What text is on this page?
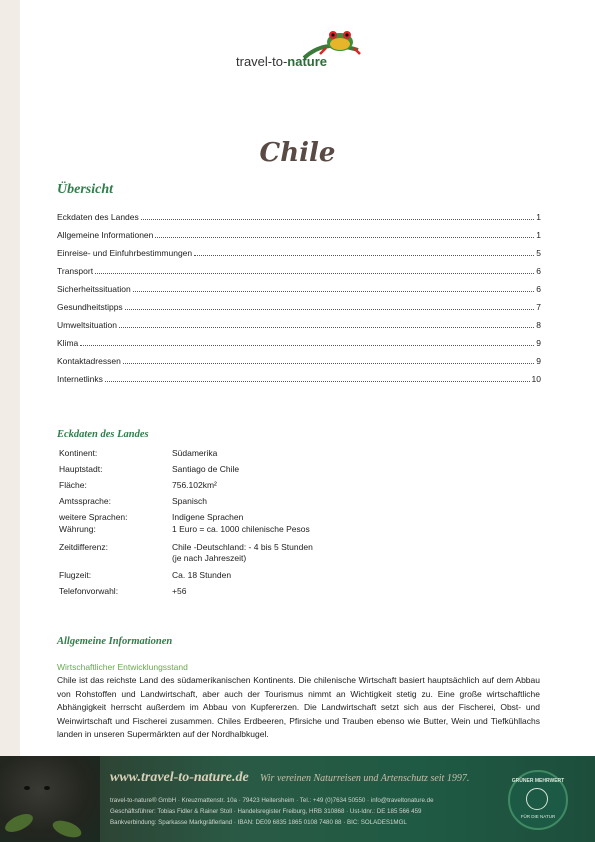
travel-to-nature
Chile
Übersicht
Eckdaten des Landes	1
Allgemeine Informationen	1
Einreise- und Einfuhrbestimmungen	5
Transport	6
Sicherheitssituation	6
Gesundheitstipps	7
Umweltsituation	8
Klima	9
Kontaktadressen	9
Internetlinks	10
Eckdaten des Landes
Kontinent:	Südamerika
Hauptstadt:	Santiago de Chile
Fläche:	756.102km²
Amtssprache:	Spanisch
weitere Sprachen:	Indigene Sprachen
Währung:	1 Euro = ca. 1000 chilenische Pesos
Zeitdifferenz:	Chile -Deutschland: - 4 bis 5 Stunden
(je nach Jahreszeit)
Flugzeit:	Ca. 18 Stunden
Telefonvorwahl:	+56
Allgemeine Informationen
Wirtschaftlicher Entwicklungsstand

Chile ist das reichste Land des südamerikanischen Kontinents. Die chilenische Wirtschaft basiert hauptsächlich auf dem Abbau von Rohstoffen und Landwirtschaft, aber auch der Tourismus nimmt an Wichtigkeit stetig zu. Eine große wirtschaftliche Abhängigkeit herrscht außerdem im Abbau von Kupfererzen. Die Landwirtschaft setzt sich aus der Fischerei, Obst- und Weinwirtschaft und Fischerei zusammen. Chiles Erdbeeren, Pfirsiche und Trauben ebenso wie Butter, Wein und Tiefkühllachs landen in unseren Supermärkten auf der Nordhalbkugel.

www.travel-to-nature.de Wir vereinen Naturreisen und Artenschutz seit 1997.
travel-to-nature® GmbH · Kreuzmattenstr. 10a · 79423 Heitersheim · Tel.: +49 (0)7634 50550 · info@traveltonature.de
Geschäftsführer: Tobias Fidler & Rainer Stoll · Handelsregister Freiburg, HRB 310868 · Ust-Idnr.: DE 185 566 459
Bankverbindung: Sparkasse Markgräflerland · IBAN: DE09 6835 1865 0108 7480 88 · BIC: SOLADES1MGL
GRÜNER MEHRWERT
FÜR DIE NATUR
